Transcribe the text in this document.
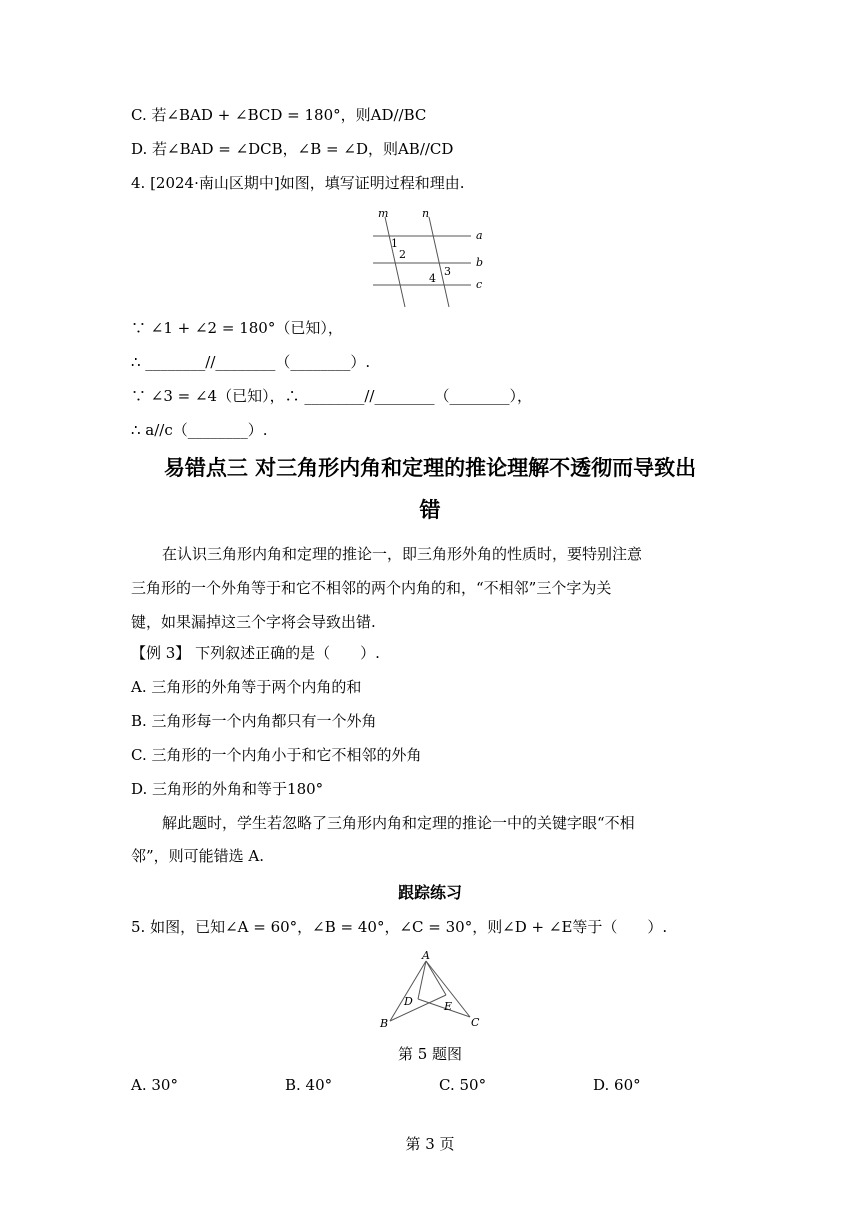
C. 若∠BAD + ∠BCD = 180°，则AD//BC
D. 若∠BAD = ∠DCB，∠B = ∠D，则AB//CD
4. [2024·南山区期中]如图，填写证明过程和理由.
m	n
a
b
c
1
2
3
4
∵ ∠1 + ∠2 = 180°（已知），
∴ ________//________（________）.
∵ ∠3 = ∠4（已知），∴ ________//________（________），
∴ a//c（________）.
易错点三 对三角形内角和定理的推论理解不透彻而导致出
错
在认识三角形内角和定理的推论一，即三角形外角的性质时，要特别注意
三角形的一个外角等于和它不相邻的两个内角的和，“不相邻”三个字为关
键，如果漏掉这三个字将会导致出错.
【例 3】 下列叙述正确的是（　　）.
A. 三角形的外角等于两个内角的和
B. 三角形每一个内角都只有一个外角
C. 三角形的一个内角小于和它不相邻的外角
D. 三角形的外角和等于180°
解此题时，学生若忽略了三角形内角和定理的推论一中的关键字眼“不相
邻”，则可能错选 A.
跟踪练习
5. 如图，已知∠A = 60°，∠B = 40°，∠C = 30°，则∠D + ∠E等于（　　）.
A
B	C
D	E
第 5 题图
A. 30°	B. 40°	C. 50°	D. 60°
第 3 页
